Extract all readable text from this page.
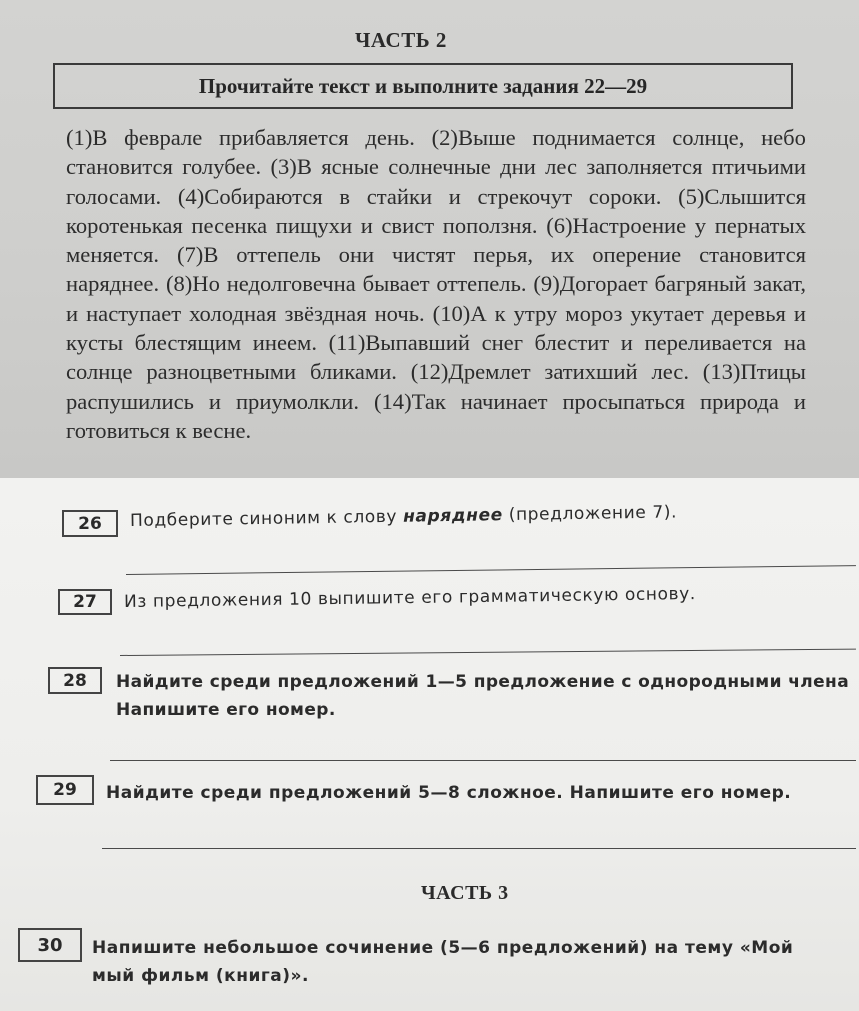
ЧАСТЬ 2
Прочитайте текст и выполните задания 22—29

(1)В феврале прибавляется день. (2)Выше поднимается солнце, небо становится голубее. (3)В ясные солнечные дни лес заполняется птичьими голосами. (4)Собираются в стайки и стрекочут сороки. (5)Слышится коротенькая песенка пищухи и свист поползня. (6)Настроение у пернатых меняется. (7)В оттепель они чистят перья, их оперение становится наряднее. (8)Но недолговечна бывает оттепель. (9)Догорает багряный закат, и наступает холодная звёздная ночь. (10)А к утру мороз укутает деревья и кусты блестящим инеем. (11)Выпавший снег блестит и переливается на солнце разноцветными бликами. (12)Дремлет затихший лес. (13)Птицы распушились и приумолкли. (14)Так начинает просыпаться природа и готовиться к весне.

26	Подберите синоним к слову наряднее (предложение 7).
27	Из предложения 10 выпишите его грамматическую основу.
28	Найдите среди предложений 1—5 предложение с однородными члена
Напишите его номер.
29	Найдите среди предложений 5—8 сложное. Напишите его номер.
ЧАСТЬ 3
30	Напишите небольшое сочинение (5—6 предложений) на тему «Мой
мый фильм (книга)».
